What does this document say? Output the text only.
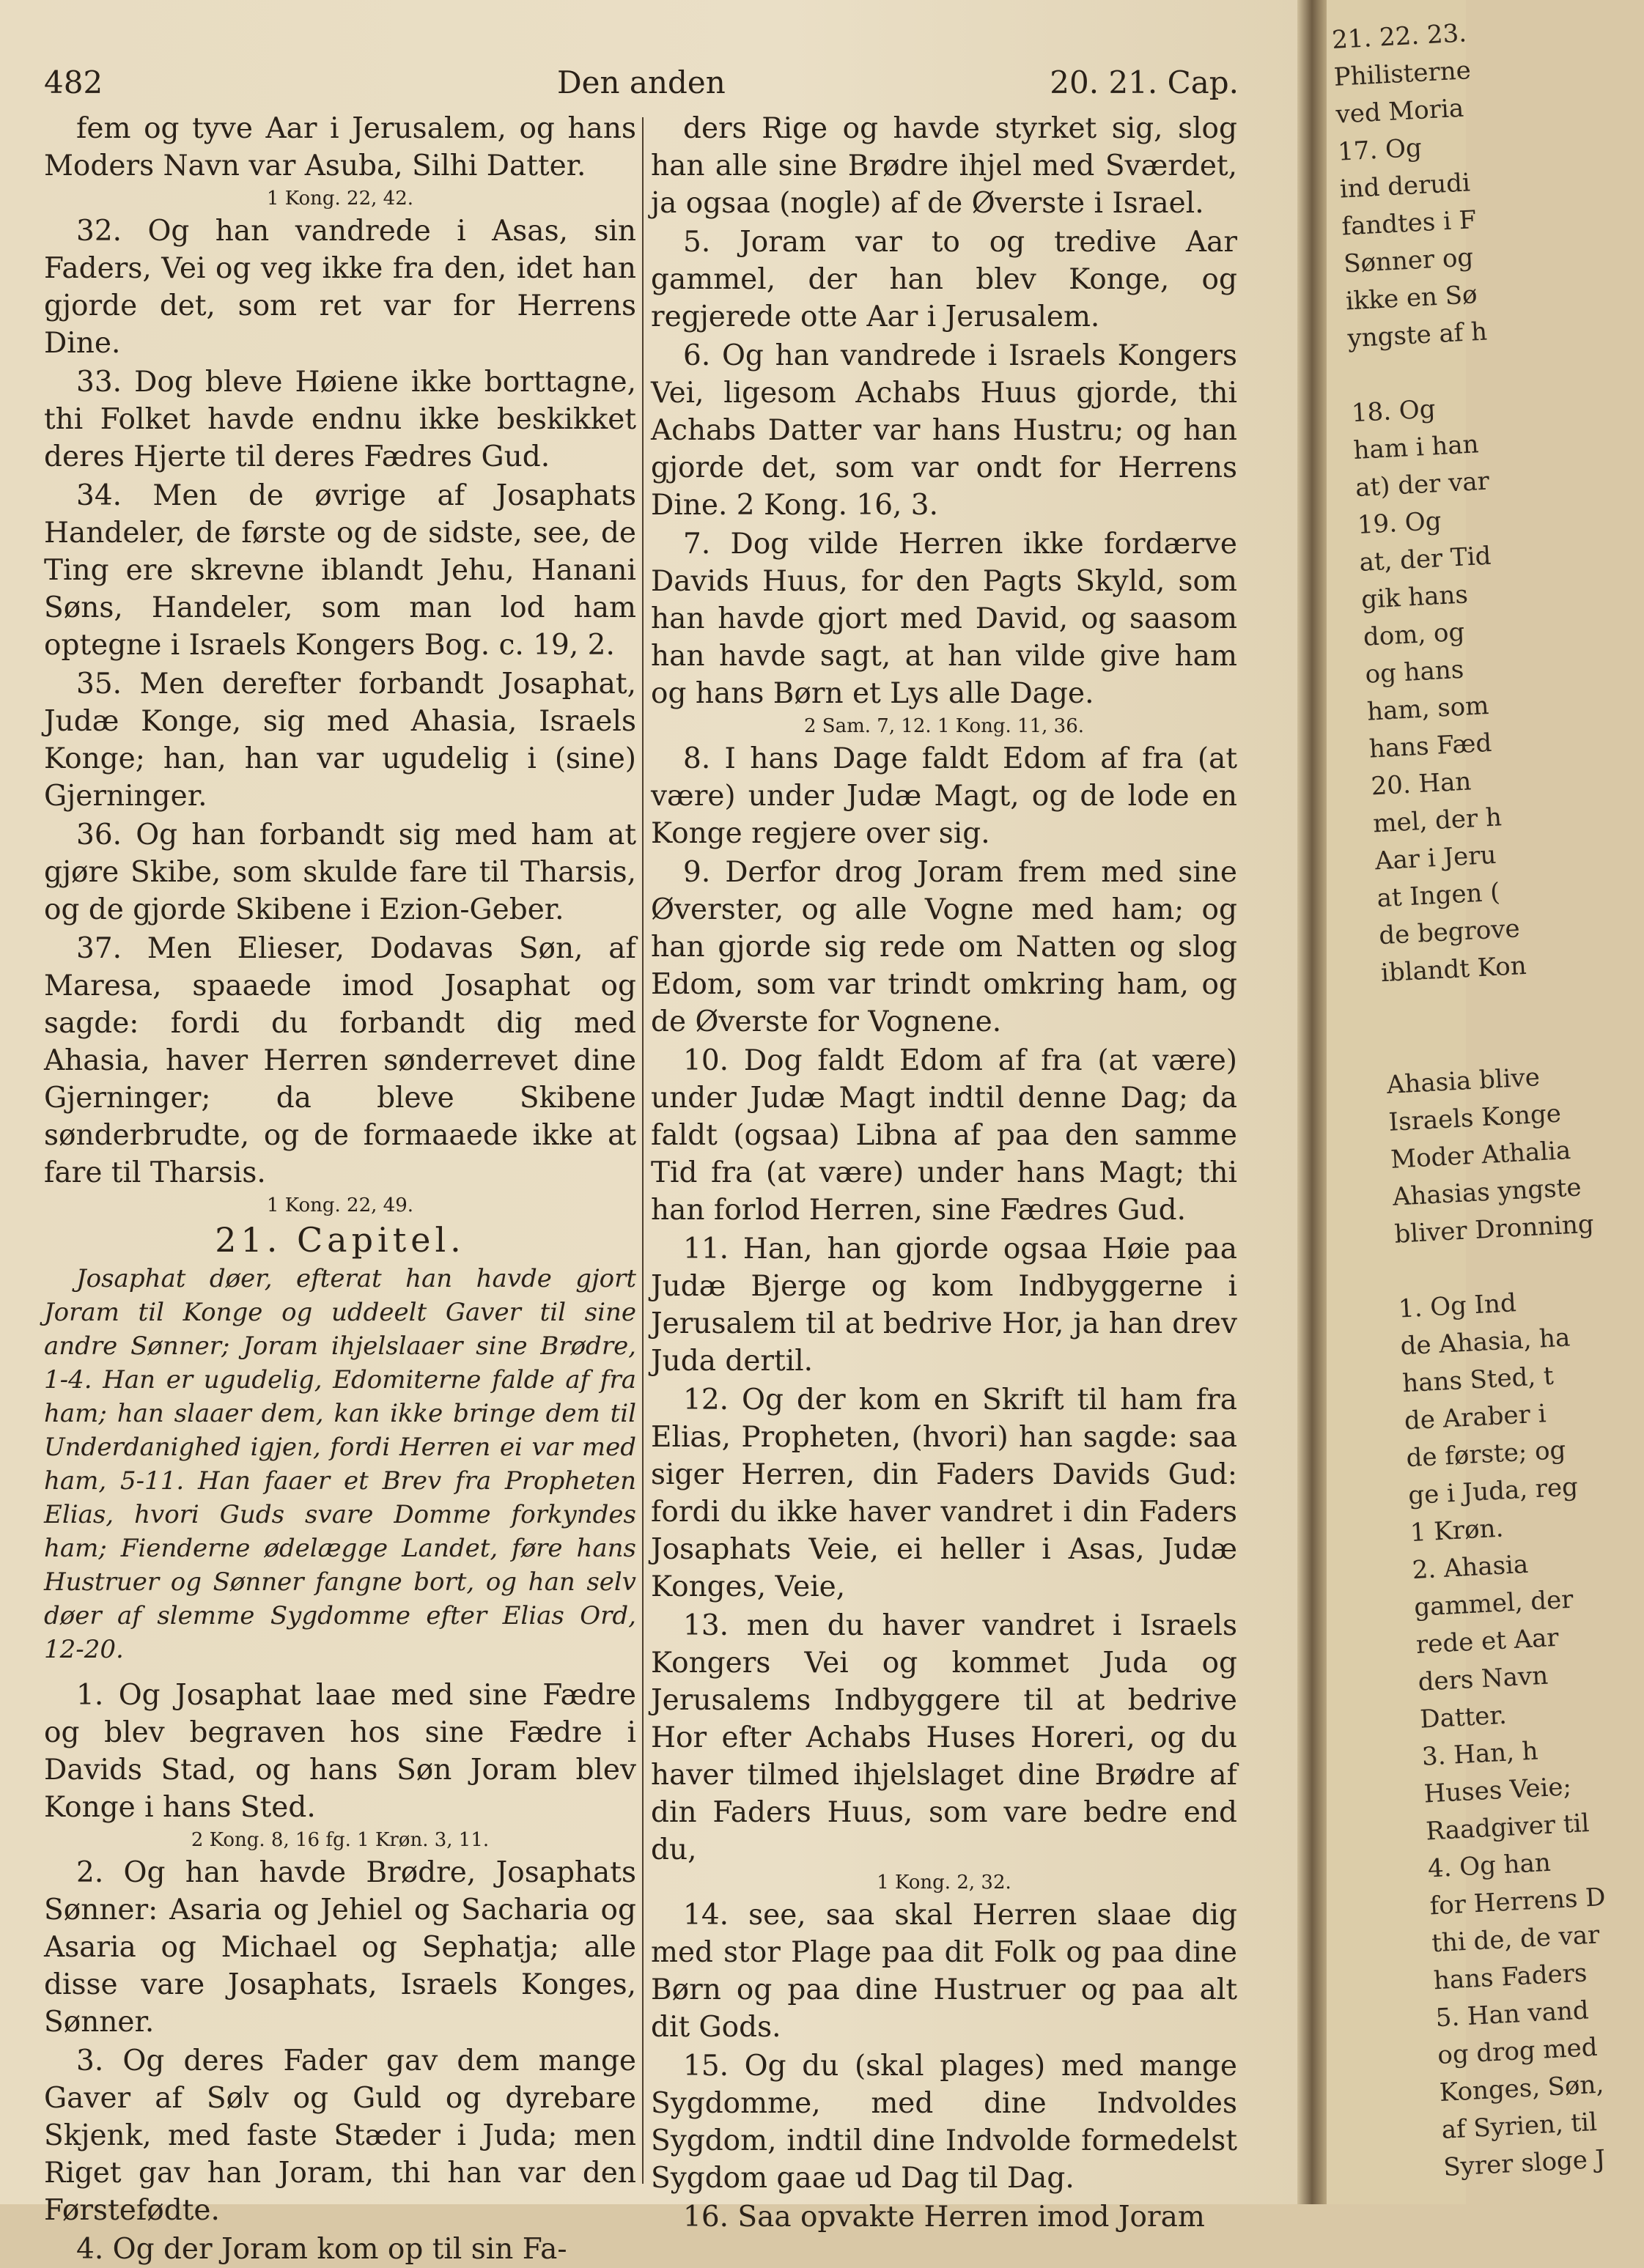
482	Den anden	20. 21. Cap.

fem og tyve Aar i Jerusalem, og hans Moders Navn var Asuba, Silhi Datter.

1 Kong. 22, 42.

32. Og han vandrede i Asas, sin Faders, Vei og veg ikke fra den, idet han gjorde det, som ret var for Herrens Dine.

33. Dog bleve Høiene ikke borttagne, thi Folket havde endnu ikke beskikket deres Hjerte til deres Fædres Gud.

34. Men de øvrige af Josaphats Handeler, de første og de sidste, see, de Ting ere skrevne iblandt Jehu, Hanani Søns, Handeler, som man lod ham optegne i Israels Kongers Bog. c. 19, 2.

35. Men derefter forbandt Josaphat, Judæ Konge, sig med Ahasia, Israels Konge; han, han var ugudelig i (sine) Gjerninger.

36. Og han forbandt sig med ham at gjøre Skibe, som skulde fare til Tharsis, og de gjorde Skibene i Ezion-Geber.

37. Men Elieser, Dodavas Søn, af Maresa, spaaede imod Josaphat og sagde: fordi du forbandt dig med Ahasia, haver Herren sønderrevet dine Gjerninger; da bleve Skibene sønderbrudte, og de formaaede ikke at fare til Tharsis.

1 Kong. 22, 49.

21. Capitel.

Josaphat døer, efterat han havde gjort Joram til Konge og uddeelt Gaver til sine andre Sønner; Joram ihjelslaaer sine Brødre, 1-4. Han er ugudelig, Edomiterne falde af fra ham; han slaaer dem, kan ikke bringe dem til Underdanighed igjen, fordi Herren ei var med ham, 5-11. Han faaer et Brev fra Propheten Elias, hvori Guds svare Domme forkyndes ham; Fienderne ødelægge Landet, føre hans Hustruer og Sønner fangne bort, og han selv døer af slemme Sygdomme efter Elias Ord, 12-20.

1. Og Josaphat laae med sine Fædre og blev begraven hos sine Fædre i Davids Stad, og hans Søn Joram blev Konge i hans Sted.

2 Kong. 8, 16 fg. 1 Krøn. 3, 11.

2. Og han havde Brødre, Josaphats Sønner: Asaria og Jehiel og Sacharia og Asaria og Michael og Sephatja; alle disse vare Josaphats, Israels Konges, Sønner.

3. Og deres Fader gav dem mange Gaver af Sølv og Guld og dyrebare Skjenk, med faste Stæder i Juda; men Riget gav han Joram, thi han var den Førstefødte.

4. Og der Joram kom op til sin Fa-

ders Rige og havde styrket sig, slog han alle sine Brødre ihjel med Sværdet, ja ogsaa (nogle) af de Øverste i Israel.

5. Joram var to og tredive Aar gammel, der han blev Konge, og regjerede otte Aar i Jerusalem.

6. Og han vandrede i Israels Kongers Vei, ligesom Achabs Huus gjorde, thi Achabs Datter var hans Hustru; og han gjorde det, som var ondt for Herrens Dine. 2 Kong. 16, 3.

7. Dog vilde Herren ikke fordærve Davids Huus, for den Pagts Skyld, som han havde gjort med David, og saasom han havde sagt, at han vilde give ham og hans Børn et Lys alle Dage.

2 Sam. 7, 12. 1 Kong. 11, 36.

8. I hans Dage faldt Edom af fra (at være) under Judæ Magt, og de lode en Konge regjere over sig.

9. Derfor drog Joram frem med sine Øverster, og alle Vogne med ham; og han gjorde sig rede om Natten og slog Edom, som var trindt omkring ham, og de Øverste for Vognene.

10. Dog faldt Edom af fra (at være) under Judæ Magt indtil denne Dag; da faldt (ogsaa) Libna af paa den samme Tid fra (at være) under hans Magt; thi han forlod Herren, sine Fædres Gud.

11. Han, han gjorde ogsaa Høie paa Judæ Bjerge og kom Indbyggerne i Jerusalem til at bedrive Hor, ja han drev Juda dertil.

12. Og der kom en Skrift til ham fra Elias, Propheten, (hvori) han sagde: saa siger Herren, din Faders Davids Gud: fordi du ikke haver vandret i din Faders Josaphats Veie, ei heller i Asas, Judæ Konges, Veie,

13. men du haver vandret i Israels Kongers Vei og kommet Juda og Jerusalems Indbyggere til at bedrive Hor efter Achabs Huses Horeri, og du haver tilmed ihjelslaget dine Brødre af din Faders Huus, som vare bedre end du,

1 Kong. 2, 32.

14. see, saa skal Herren slaae dig med stor Plage paa dit Folk og paa dine Børn og paa dine Hustruer og paa alt dit Gods.

15. Og du (skal plages) med mange Sygdomme, med dine Indvoldes Sygdom, indtil dine Indvolde formedelst Sygdom gaae ud Dag til Dag.

16. Saa opvakte Herren imod Joram

21. 22. 23.
Philisterne
ved Moria
17. Og
ind derudi
fandtes i F
Sønner og
ikke en Sø
yngste af h
18. Og
ham i han
at) der var
19. Og
at, der Tid
gik hans
dom, og
og hans
ham, som
hans Fæd
20. Han
mel, der h
Aar i Jeru
at Ingen (
de begrove
iblandt Kon
Ahasia blive
Israels Konge
Moder Athalia
Ahasias yngste
bliver Dronning
1. Og Ind
de Ahasia, ha
hans Sted, t
de Araber i
de første; og
ge i Juda, reg
1 Krøn.
2. Ahasia
gammel, der
rede et Aar
ders Navn
Datter.
3. Han, h
Huses Veie;
Raadgiver til
4. Og han
for Herrens D
thi de, de var
hans Faders
5. Han vand
og drog med
Konges, Søn,
af Syrien, til
Syrer sloge J
